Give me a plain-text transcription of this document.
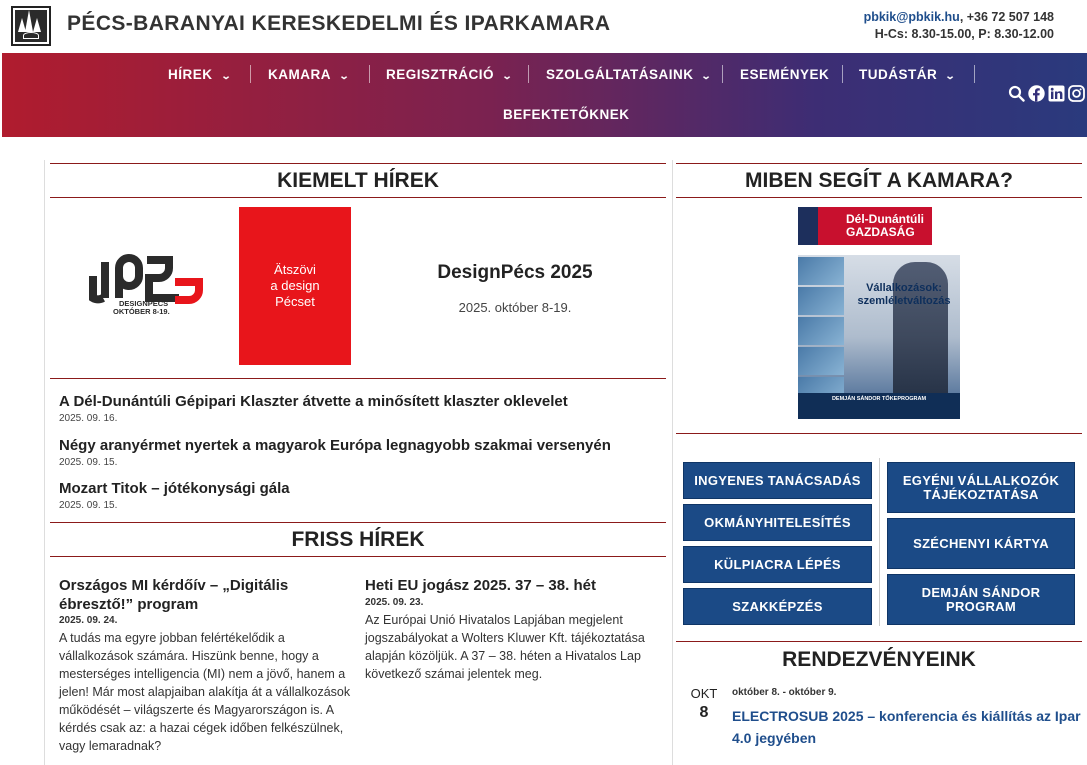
PÉCS-BARANYAI KERESKEDELMI ÉS IPARKAMARA	pbkik@pbkik.hu, +36 72 507 148
H-Cs: 8.30-15.00, P: 8.30-12.00
HÍREK ⌄	KAMARA ⌄	REGISZTRÁCIÓ ⌄ SZOLGÁLTATÁSAINK ⌄ ESEMÉNYEK TUDÁSTÁR ⌄
BEFEKTETŐKNEK
KIEMELT HÍREK
DESIGNPÉCS
OKTÓBER 8-19.
Ätszövi
a design
Pécset
DesignPécs 2025
2025. október 8-19.
A Dél-Dunántúli Gépipari Klaszter átvette a minősített klaszter oklevelet
2025. 09. 16.
Négy aranyérmet nyertek a magyarok Európa legnagyobb szakmai versenyén
2025. 09. 15.
Mozart Titok – jótékonysági gála
2025. 09. 15.
FRISS HÍREK
Országos MI kérdőív – „Digitális ébresztő!” program
2025. 09. 24.
A tudás ma egyre jobban felértékelődik a vállalkozások számára. Hiszünk benne, hogy a mesterséges intelligencia (MI) nem a jövő, hanem a jelen! Már most alapjaiban alakítja át a vállalkozások működését – világszerte és Magyarországon is. A kérdés csak az: a hazai cégek időben felkészülnek, vagy lemaradnak?
Heti EU jogász 2025. 37 – 38. hét
2025. 09. 23.
Az Európai Unió Hivatalos Lapjában megjelent jogszabályokat a Wolters Kluwer Kft. tájékoztatása alapján közöljük. A 37 – 38. héten a Hivatalos Lap következő számai jelentek meg.
MIBEN SEGÍT A KAMARA?
Dél-Dunántúli
GAZDASÁG
Vállalkozások: szemléletváltozás
DEMJÁN SÁNDOR TŐKEPROGRAM
INGYENES TANÁCSADÁS
OKMÁNYHITELESÍTÉS
KÜLPIACRA LÉPÉS
SZAKKÉPZÉS
EGYÉNI VÁLLALKOZÓK TÁJÉKOZTATÁSA
SZÉCHENYI KÁRTYA
DEMJÁN SÁNDOR PROGRAM
RENDEZVÉNYEINK
OKT
8
október 8. - október 9.
ELECTROSUB 2025 – konferencia és kiállítás az Ipar 4.0 jegyében
